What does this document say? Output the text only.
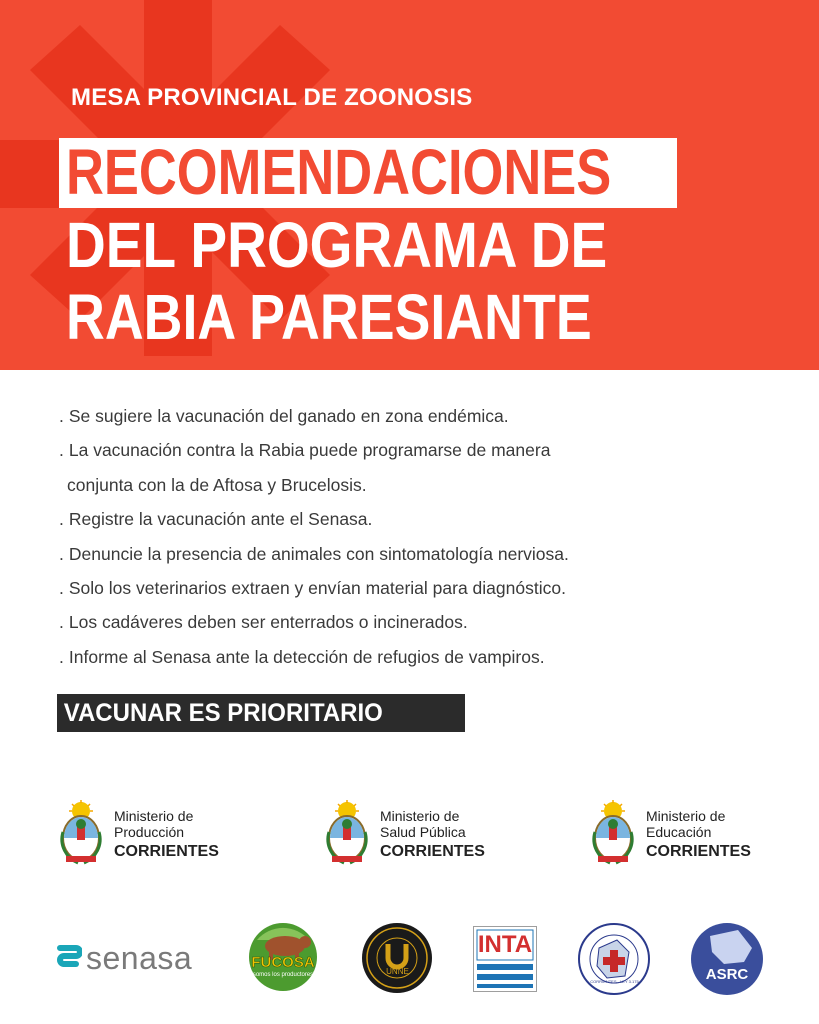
MESA PROVINCIAL DE ZOONOSIS
RECOMENDACIONES
DEL PROGRAMA DE
RABIA PARESIANTE
. Se sugiere la vacunación del ganado en zona endémica.
. La vacunación contra la Rabia puede programarse de manera
conjunta con la de Aftosa y Brucelosis.
. Registre la vacunación ante el Senasa.
. Denuncie la presencia de animales con sintomatología nerviosa.
. Solo los veterinarios extraen y envían material para diagnóstico.
. Los cadáveres deben ser enterrados o incinerados.
. Informe al Senasa ante la detección de refugios de vampiros.
VACUNAR ES PRIORITARIO
Ministerio de
Producción
CORRIENTES
Ministerio de
Salud Pública
CORRIENTES
Ministerio de
Educación
CORRIENTES
senasa	FUCOSA
"somos los productores"	UNNE
INTA
CORRIENTES - LEY 3.175	ASRC
